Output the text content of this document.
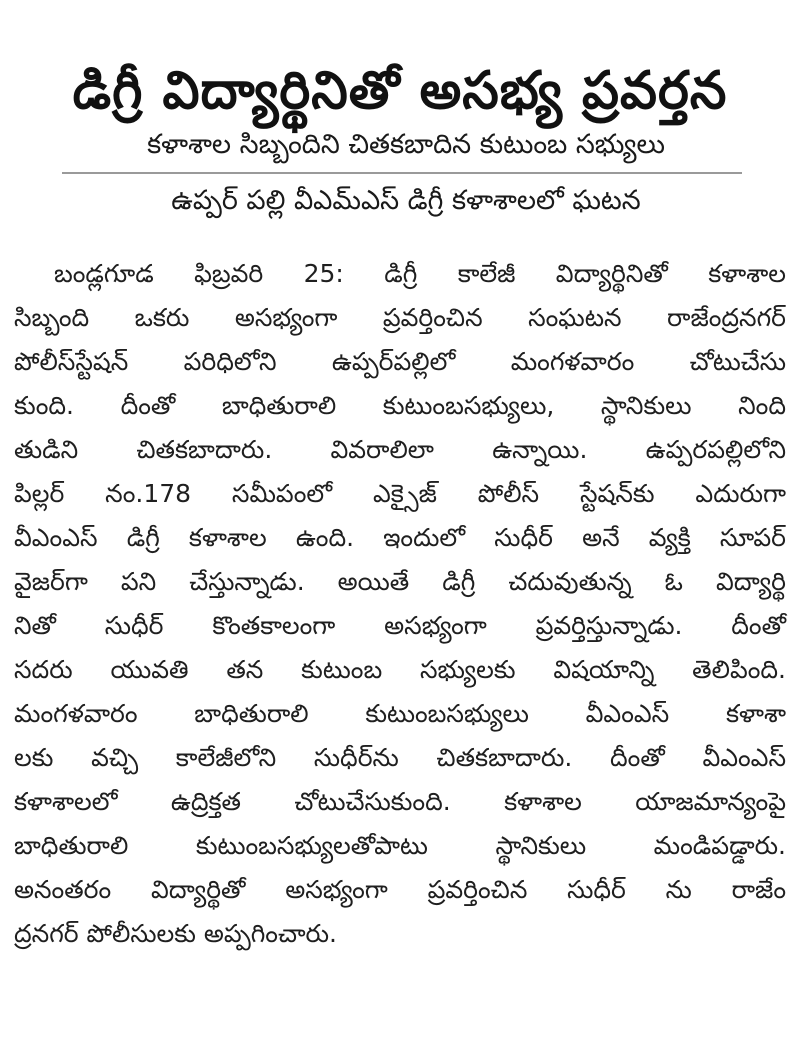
డిగ్రీ విద్యార్థినితో అసభ్య ప్రవర్తన
కళాశాల సిబ్బందిని చితకబాదిన కుటుంబ సభ్యులు
ఉప్పర్ పల్లి వీఎమ్ఎస్ డిగ్రీ కళాశాలలో ఘటన
బండ్లగూడ ఫిబ్రవరి 25: డిగ్రీ కాలేజీ విద్యార్థినితో కళాశాల
సిబ్బంది ఒకరు అసభ్యంగా ప్రవర్తించిన సంఘటన రాజేంద్రనగర్
పోలీస్‌స్టేషన్ పరిధిలోని ఉప్పర్‌పల్లిలో మంగళవారం చోటుచేసు
కుంది. దీంతో బాధితురాలి కుటుంబసభ్యులు, స్థానికులు నింది
తుడిని చితకబాదారు. వివరాలిలా ఉన్నాయి. ఉప్పరపల్లిలోని
పిల్లర్ నం.178 సమీపంలో ఎక్సైజ్ పోలీస్ స్టేషన్‌కు ఎదురుగా
వీఎంఎస్ డిగ్రీ కళాశాల ఉంది. ఇందులో సుధీర్ అనే వ్యక్తి సూపర్
వైజర్‌గా పని చేస్తున్నాడు. అయితే డిగ్రీ చదువుతున్న ఓ విద్యార్థి
నితో సుధీర్ కొంతకాలంగా అసభ్యంగా ప్రవర్తిస్తున్నాడు. దీంతో
సదరు యువతి తన కుటుంబ సభ్యులకు విషయాన్ని తెలిపింది.
మంగళవారం బాధితురాలి కుటుంబసభ్యులు వీఎంఎస్ కళాశా
లకు వచ్చి కాలేజీలోని సుధీర్‌ను చితకబాదారు. దీంతో వీఎంఎస్
కళాశాలలో ఉద్రిక్తత చోటుచేసుకుంది. కళాశాల యాజమాన్యంపై
బాధితురాలి కుటుంబసభ్యులతోపాటు స్థానికులు మండిపడ్డారు.
అనంతరం విద్యార్థితో అసభ్యంగా ప్రవర్తించిన సుధీర్ ను రాజేం
ద్రనగర్ పోలీసులకు అప్పగించారు.
